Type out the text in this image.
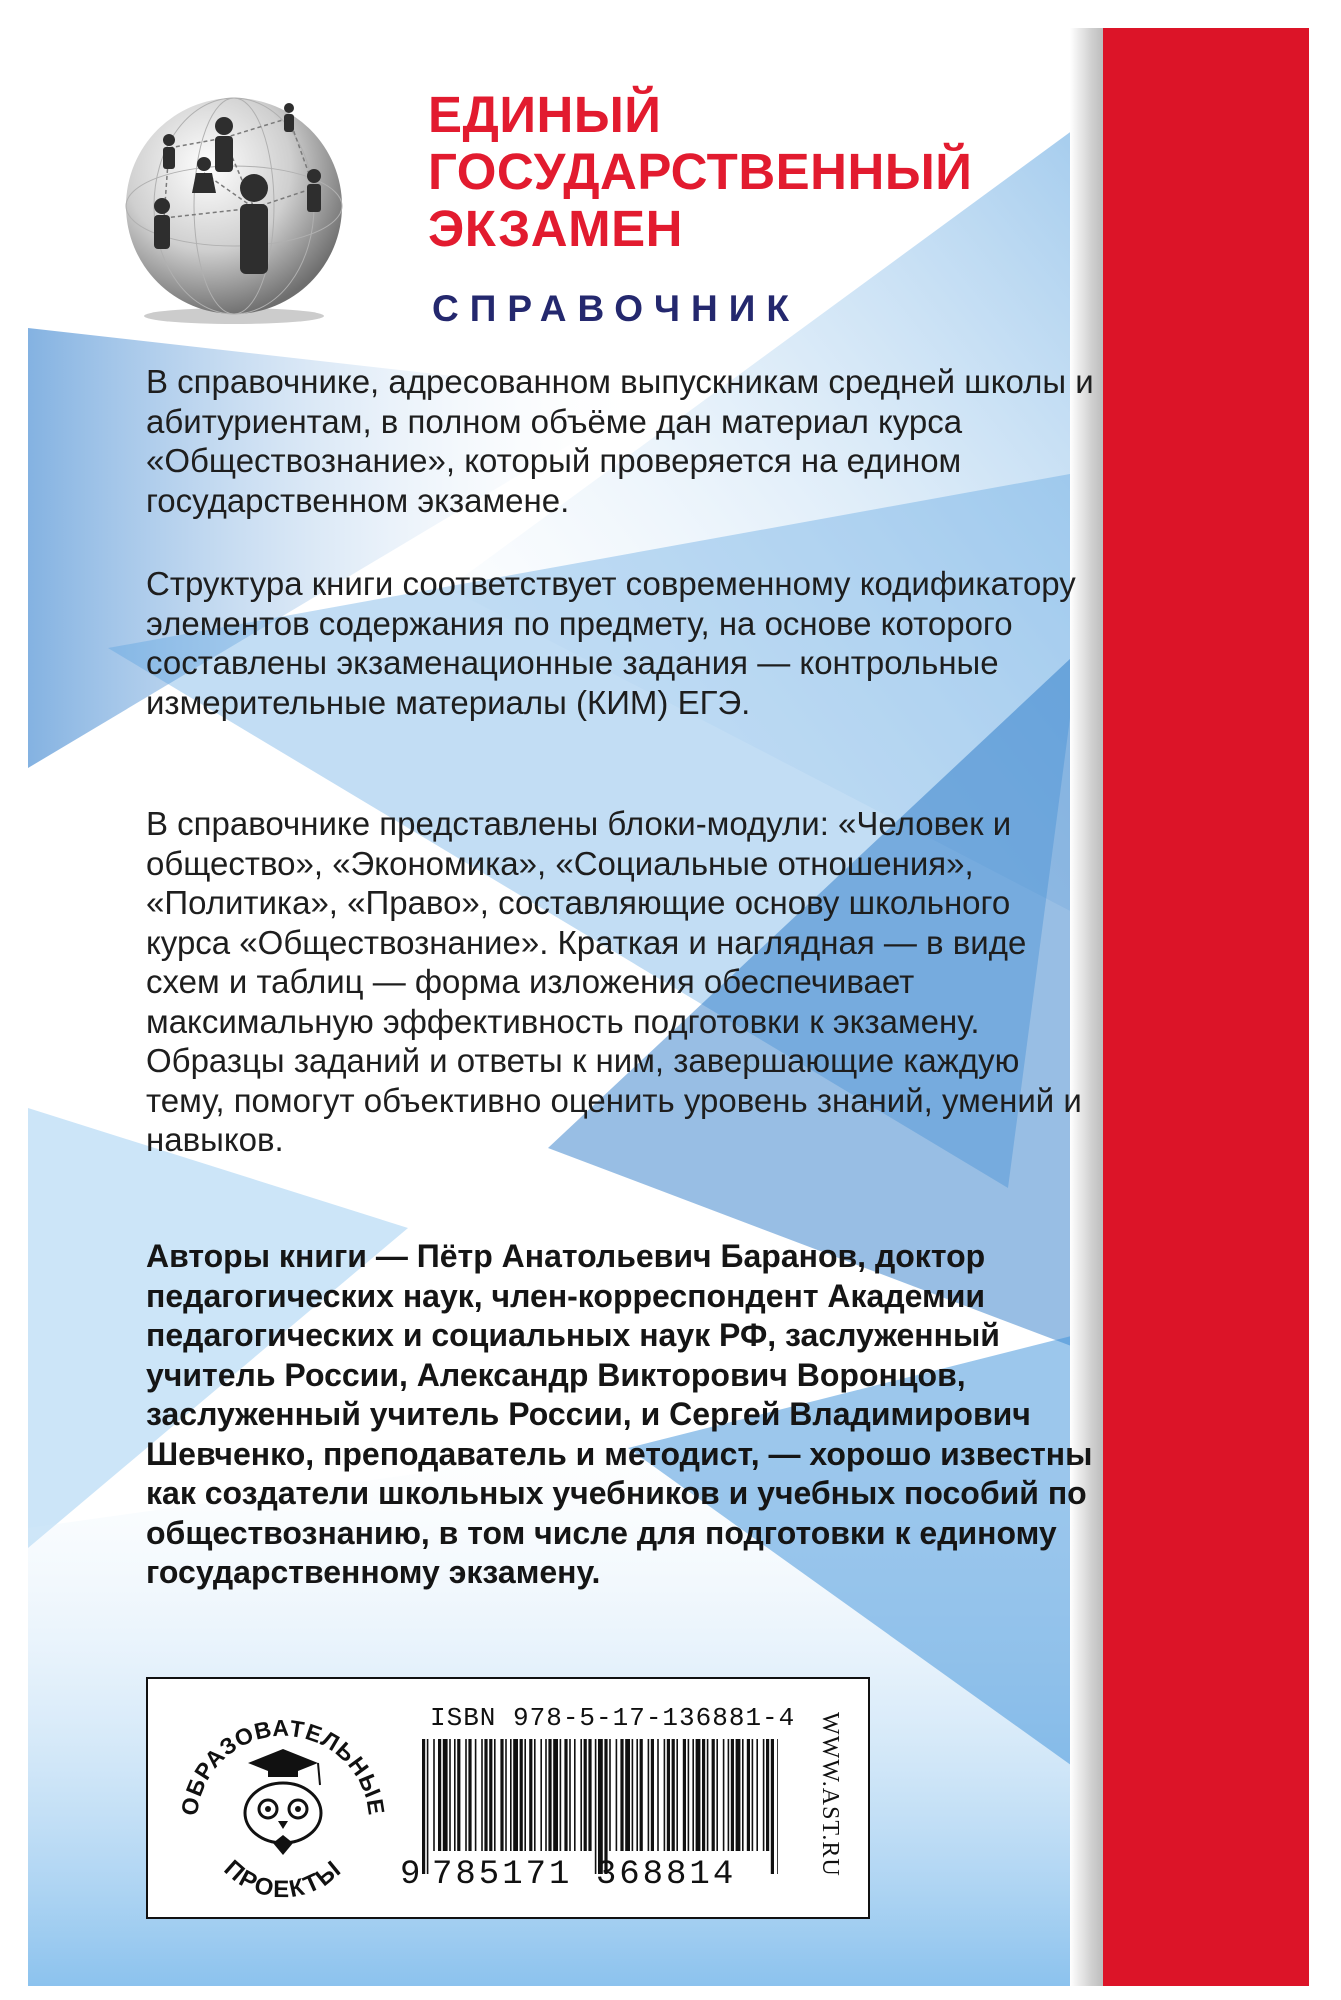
ЕДИНЫЙ
ГОСУДАРСТВЕННЫЙ
ЭКЗАМЕН
СПРАВОЧНИК

В справочнике, адресованном выпускникам средней школы и абитуриентам, в полном объёме дан материал курса «Обществознание», который проверяется на едином государственном экзамене.

Структура книги соответствует современному кодификатору элементов содержания по предмету, на основе которого составлены экзаменационные задания — контрольные измерительные материалы (КИМ) ЕГЭ.

В справочнике представлены блоки-модули: «Человек и общество», «Экономика», «Социальные отношения», «Политика», «Право», составляющие основу школьного курса «Обществознание». Краткая и наглядная — в виде схем и таблиц — форма изложения обеспечивает максимальную эффективность подготовки к экзамену. Образцы заданий и ответы к ним, завершающие каждую тему, помогут объективно оценить уровень знаний, умений и навыков.

Авторы книги — Пётр Анатольевич Баранов, доктор педагогических наук, член-корреспондент Академии педагогических и социальных наук РФ, заслуженный учитель России, Александр Викторович Воронцов, заслуженный учитель России, и Сергей Владимирович Шевченко, преподаватель и методист, — хорошо известны как создатели школьных учебников и учебных пособий по обществознанию, в том числе для подготовки к единому государственному экзамену.

ОБРАЗОВАТЕЛЬНЫЕ
ПРОЕКТЫ
ISBN 978-5-17-136881-4
9 785171 368814	WWW.AST.RU
